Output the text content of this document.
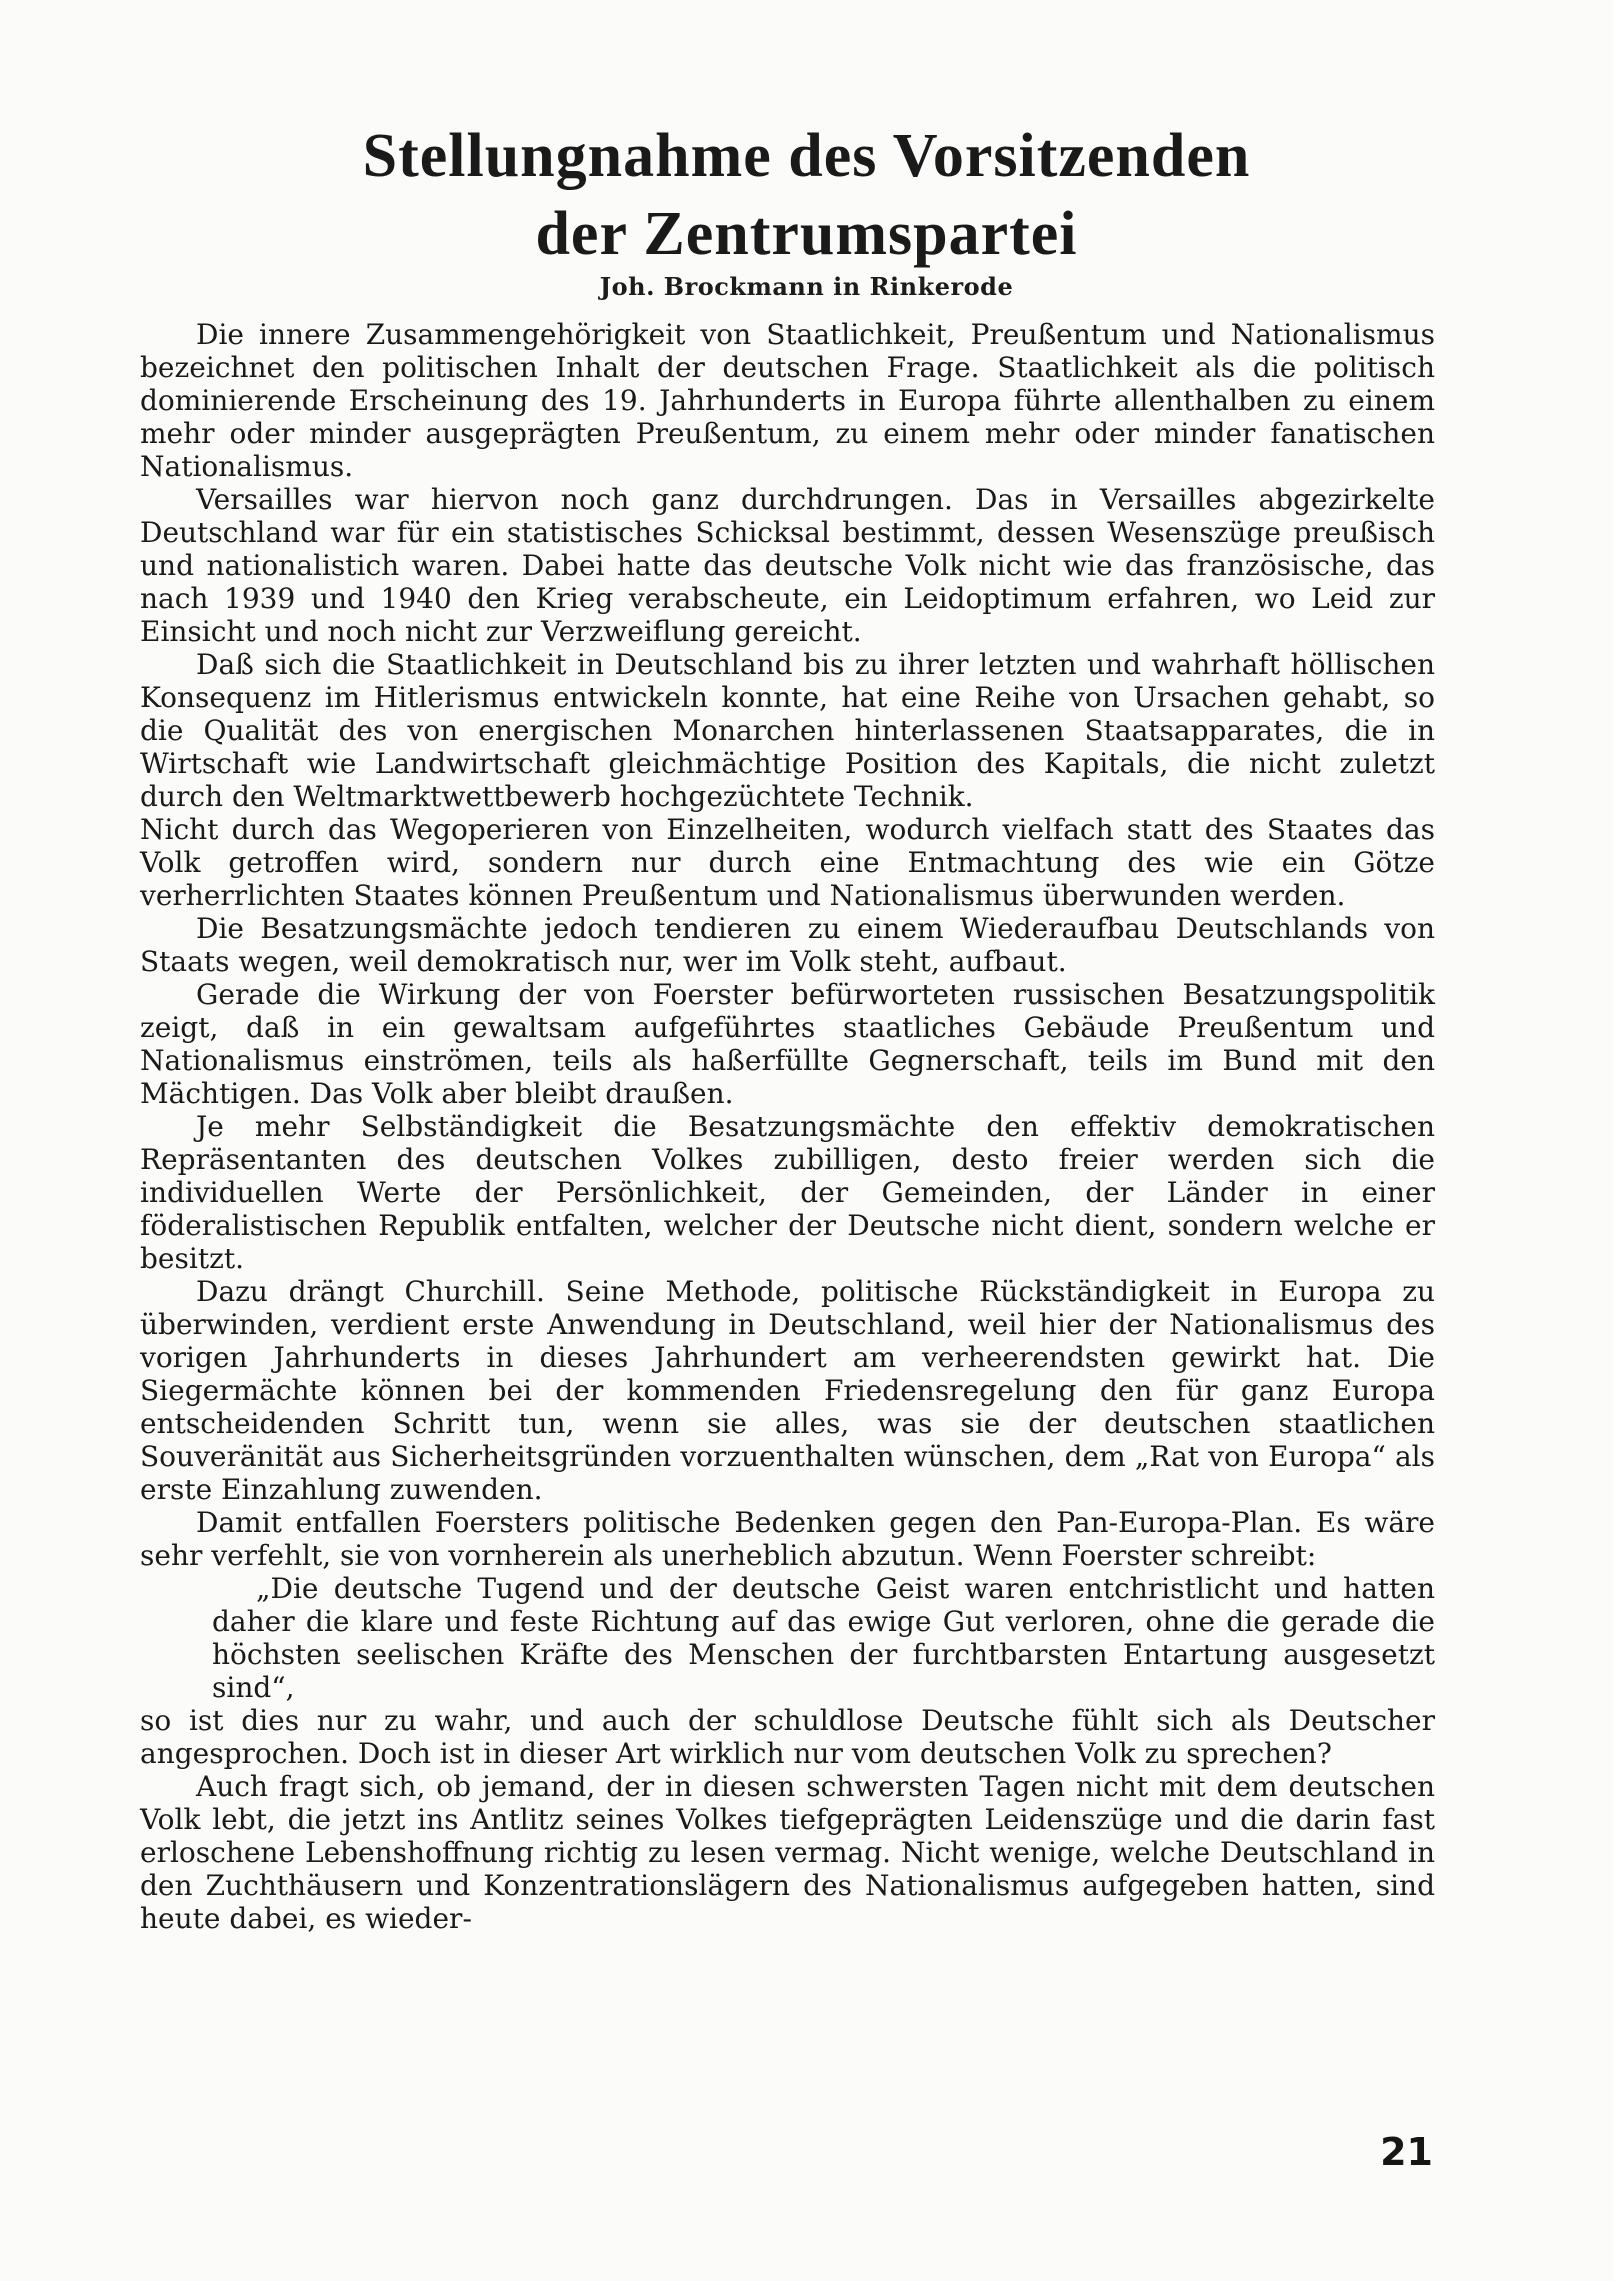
Stellungnahme des Vorsitzenden
der Zentrumspartei
Joh. Brockmann in Rinkerode

Die innere Zusammengehörigkeit von Staatlichkeit, Preußentum und Nationalismus bezeichnet den politischen Inhalt der deutschen Frage. Staatlichkeit als die politisch dominierende Erscheinung des 19. Jahrhunderts in Europa führte allenthalben zu einem mehr oder minder ausgeprägten Preußentum, zu einem mehr oder minder fanatischen Nationalismus.

Versailles war hiervon noch ganz durchdrungen. Das in Versailles abgezirkelte Deutschland war für ein statistisches Schicksal bestimmt, dessen Wesenszüge preußisch und nationalistich waren. Dabei hatte das deutsche Volk nicht wie das französische, das nach 1939 und 1940 den Krieg verabscheute, ein Leidoptimum erfahren, wo Leid zur Einsicht und noch nicht zur Verzweiflung gereicht.

Daß sich die Staatlichkeit in Deutschland bis zu ihrer letzten und wahrhaft höllischen Konsequenz im Hitlerismus entwickeln konnte, hat eine Reihe von Ursachen gehabt, so die Qualität des von energischen Monarchen hinterlassenen Staatsapparates, die in Wirtschaft wie Landwirtschaft gleichmächtige Position des Kapitals, die nicht zuletzt durch den Weltmarktwettbewerb hochgezüchtete Technik.

Nicht durch das Wegoperieren von Einzelheiten, wodurch vielfach statt des Staates das Volk getroffen wird, sondern nur durch eine Entmachtung des wie ein Götze verherrlichten Staates können Preußentum und Nationalismus überwunden werden.

Die Besatzungsmächte jedoch tendieren zu einem Wiederaufbau Deutschlands von Staats wegen, weil demokratisch nur, wer im Volk steht, aufbaut.

Gerade die Wirkung der von Foerster befürworteten russischen Besatzungspolitik zeigt, daß in ein gewaltsam aufgeführtes staatliches Gebäude Preußentum und Nationalismus einströmen, teils als haßerfüllte Gegnerschaft, teils im Bund mit den Mächtigen. Das Volk aber bleibt draußen.

Je mehr Selbständigkeit die Besatzungsmächte den effektiv demokratischen Repräsentanten des deutschen Volkes zubilligen, desto freier werden sich die individuellen Werte der Persönlichkeit, der Gemeinden, der Länder in einer föderalistischen Republik entfalten, welcher der Deutsche nicht dient, sondern welche er besitzt.

Dazu drängt Churchill. Seine Methode, politische Rückständigkeit in Europa zu überwinden, verdient erste Anwendung in Deutschland, weil hier der Nationalismus des vorigen Jahrhunderts in dieses Jahrhundert am verheerendsten gewirkt hat. Die Siegermächte können bei der kommenden Friedensregelung den für ganz Europa entscheidenden Schritt tun, wenn sie alles, was sie der deutschen staatlichen Souveränität aus Sicherheitsgründen vorzuenthalten wünschen, dem „Rat von Europa“ als erste Einzahlung zuwenden.

Damit entfallen Foersters politische Bedenken gegen den Pan-Europa-Plan. Es wäre sehr verfehlt, sie von vornherein als unerheblich abzutun. Wenn Foerster schreibt:

„Die deutsche Tugend und der deutsche Geist waren entchristlicht und hatten daher die klare und feste Richtung auf das ewige Gut verloren, ohne die gerade die höchsten seelischen Kräfte des Menschen der furchtbarsten Entartung ausgesetzt sind“,

so ist dies nur zu wahr, und auch der schuldlose Deutsche fühlt sich als Deutscher angesprochen. Doch ist in dieser Art wirklich nur vom deutschen Volk zu sprechen?

Auch fragt sich, ob jemand, der in diesen schwersten Tagen nicht mit dem deutschen Volk lebt, die jetzt ins Antlitz seines Volkes tiefgeprägten Leidenszüge und die darin fast erloschene Lebenshoffnung richtig zu lesen vermag. Nicht wenige, welche Deutschland in den Zuchthäusern und Konzentrationslägern des Nationalismus aufgegeben hatten, sind heute dabei, es wieder-

21
